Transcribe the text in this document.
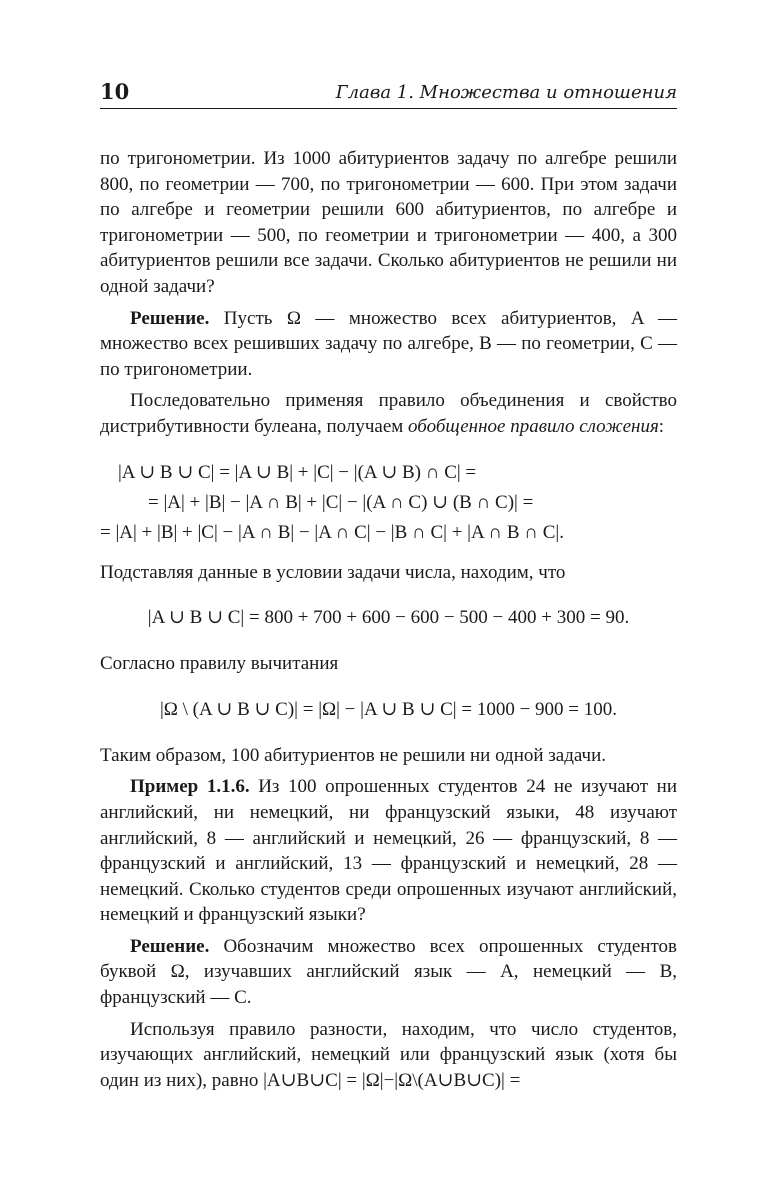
10	Глава 1. Множества и отношения

по тригонометрии. Из 1000 абитуриентов задачу по алгебре решили 800, по геометрии — 700, по тригонометрии — 600. При этом задачи по алгебре и геометрии решили 600 абитуриентов, по алгебре и тригонометрии — 500, по геометрии и тригонометрии — 400, а 300 абитуриентов решили все задачи. Сколько абитуриентов не решили ни одной задачи?

Решение. Пусть Ω — множество всех абитуриентов, A — множество всех решивших задачу по алгебре, B — по геометрии, C — по тригонометрии.

Последовательно применяя правило объединения и свойство дистрибутивности булеана, получаем обобщенное правило сложения:

|A ∪ B ∪ C| = |A ∪ B| + |C| − |(A ∪ B) ∩ C| =
= |A| + |B| − |A ∩ B| + |C| − |(A ∩ C) ∪ (B ∩ C)| =
= |A| + |B| + |C| − |A ∩ B| − |A ∩ C| − |B ∩ C| + |A ∩ B ∩ C|.

Подставляя данные в условии задачи числа, находим, что

|A ∪ B ∪ C| = 800 + 700 + 600 − 600 − 500 − 400 + 300 = 90.

Согласно правилу вычитания

|Ω \ (A ∪ B ∪ C)| = |Ω| − |A ∪ B ∪ C| = 1000 − 900 = 100.

Таким образом, 100 абитуриентов не решили ни одной задачи.

Пример 1.1.6. Из 100 опрошенных студентов 24 не изучают ни английский, ни немецкий, ни французский языки, 48 изучают английский, 8 — английский и немецкий, 26 — французский, 8 — французский и английский, 13 — французский и немецкий, 28 — немецкий. Сколько студентов среди опрошенных изучают английский, немецкий и французский языки?

Решение. Обозначим множество всех опрошенных студентов буквой Ω, изучавших английский язык — A, немецкий — B, французский — C.

Используя правило разности, находим, что число студентов, изучающих английский, немецкий или французский язык (хотя бы один из них), равно |A∪B∪C| = |Ω|−|Ω\(A∪B∪C)| =
